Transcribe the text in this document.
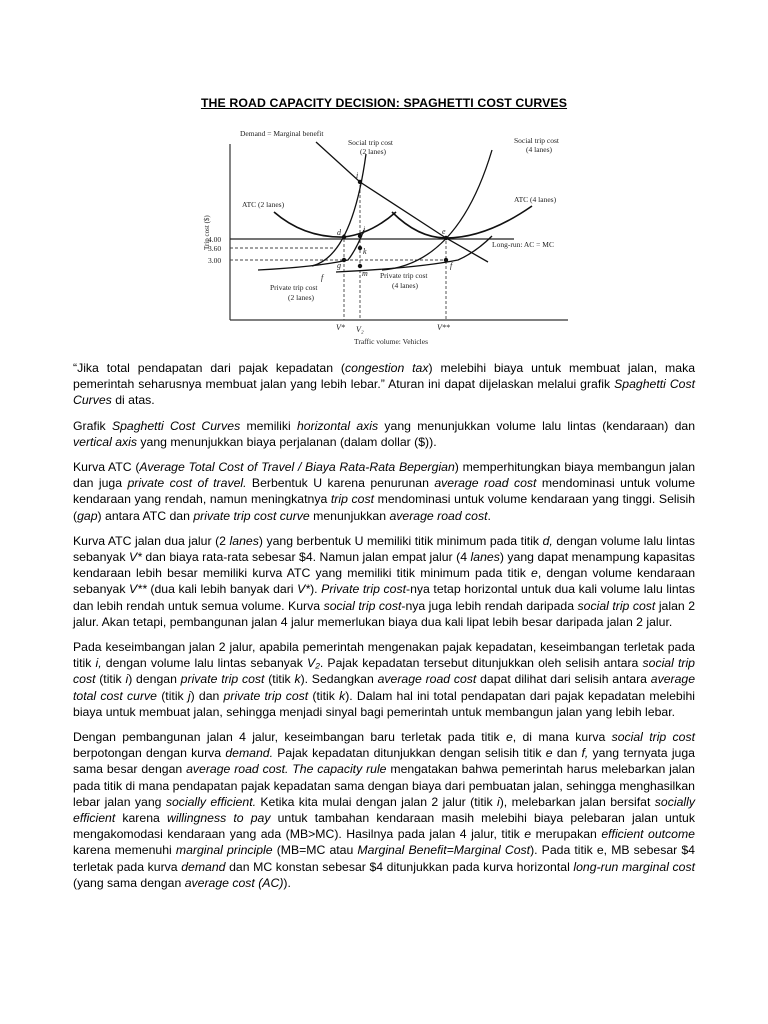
THE ROAD CAPACITY DECISION: SPAGHETTI COST CURVES
Demand = Marginal benefit
Social trip cost
(2 lanes)
Social trip cost
(4 lanes)
ATC (2 lanes)
ATC (4 lanes)
Long-run: AC = MC
Private trip cost
(2 lanes)
Private trip cost
(4 lanes)
Trip cost ($)
Traffic volume: Vehicles
4.00
3.60
3.00
V* V₂	V**
i
j
d
k
e
g
f	m
f

“Jika total pendapatan dari pajak kepadatan (congestion tax) melebihi biaya untuk membuat jalan, maka pemerintah seharusnya membuat jalan yang lebih lebar.” Aturan ini dapat dijelaskan melalui grafik Spaghetti Cost Curves di atas.

Grafik Spaghetti Cost Curves memiliki horizontal axis yang menunjukkan volume lalu lintas (kendaraan) dan vertical axis yang menunjukkan biaya perjalanan (dalam dollar ($)).

Kurva ATC (Average Total Cost of Travel / Biaya Rata-Rata Bepergian) memperhitungkan biaya membangun jalan dan juga private cost of travel. Berbentuk U karena penurunan average road cost mendominasi untuk volume kendaraan yang rendah, namun meningkatnya trip cost mendominasi untuk volume kendaraan yang tinggi. Selisih (gap) antara ATC dan private trip cost curve menunjukkan average road cost.

Kurva ATC jalan dua jalur (2 lanes) yang berbentuk U memiliki titik minimum pada titik d, dengan volume lalu lintas sebanyak V* dan biaya rata-rata sebesar $4. Namun jalan empat jalur (4 lanes) yang dapat menampung kapasitas kendaraan lebih besar memiliki kurva ATC yang memiliki titik minimum pada titik e, dengan volume kendaraan sebanyak V** (dua kali lebih banyak dari V*). Private trip cost-nya tetap horizontal untuk dua kali volume lalu lintas dan lebih rendah untuk semua volume. Kurva social trip cost-nya juga lebih rendah daripada social trip cost jalan 2 jalur. Akan tetapi, pembangunan jalan 4 jalur memerlukan biaya dua kali lipat lebih besar daripada jalan 2 jalur.

Pada keseimbangan jalan 2 jalur, apabila pemerintah mengenakan pajak kepadatan, keseimbangan terletak pada titik i, dengan volume lalu lintas sebanyak V₂. Pajak kepadatan tersebut ditunjukkan oleh selisih antara social trip cost (titik i) dengan private trip cost (titik k). Sedangkan average road cost dapat dilihat dari selisih antara average total cost curve (titik j) dan private trip cost (titik k). Dalam hal ini total pendapatan dari pajak kepadatan melebihi biaya untuk membuat jalan, sehingga menjadi sinyal bagi pemerintah untuk membangun jalan yang lebih lebar.

Dengan pembangunan jalan 4 jalur, keseimbangan baru terletak pada titik e, di mana kurva social trip cost berpotongan dengan kurva demand. Pajak kepadatan ditunjukkan dengan selisih titik e dan f, yang ternyata juga sama besar dengan average road cost. The capacity rule mengatakan bahwa pemerintah harus melebarkan jalan pada titik di mana pendapatan pajak kepadatan sama dengan biaya dari pembuatan jalan, sehingga menghasilkan lebar jalan yang socially efficient. Ketika kita mulai dengan jalan 2 jalur (titik i), melebarkan jalan bersifat socially efficient karena willingness to pay untuk tambahan kendaraan masih melebihi biaya pelebaran jalan untuk mengakomodasi kendaraan yang ada (MB>MC). Hasilnya pada jalan 4 jalur, titik e merupakan efficient outcome karena memenuhi marginal principle (MB=MC atau Marginal Benefit=Marginal Cost). Pada titik e, MB sebesar $4 terletak pada kurva demand dan MC konstan sebesar $4 ditunjukkan pada kurva horizontal long-run marginal cost (yang sama dengan average cost (AC)).
